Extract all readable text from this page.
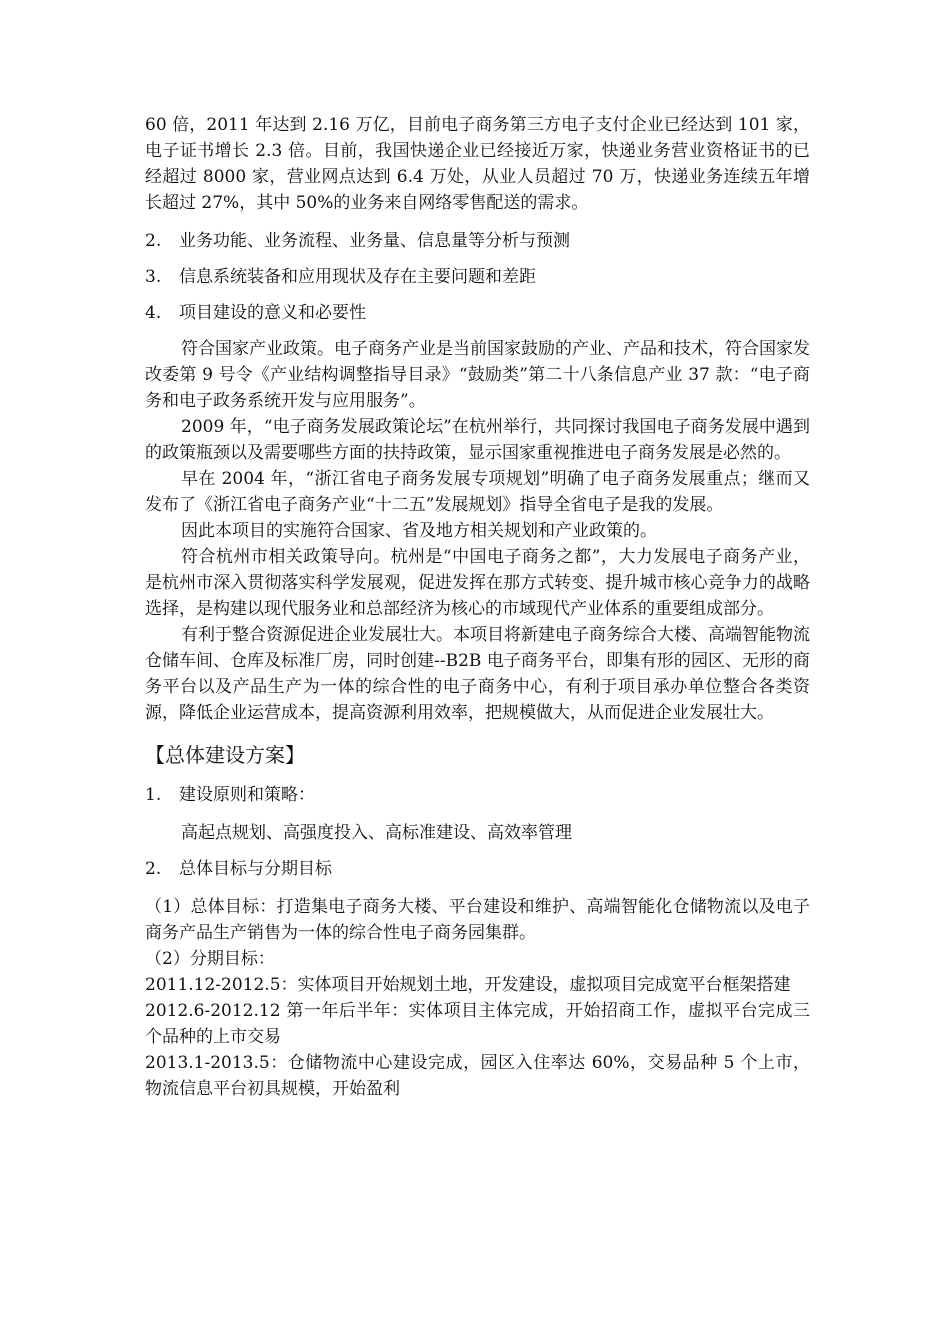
60 倍，2011 年达到 2.16 万亿，目前电子商务第三方电子支付企业已经达到 101 家，电子证书增长 2.3 倍。目前，我国快递企业已经接近万家，快递业务营业资格证书的已经超过 8000 家，营业网点达到 6.4 万处，从业人员超过 70 万，快递业务连续五年增长超过 27%，其中 50%的业务来自网络零售配送的需求。

2.	业务功能、业务流程、业务量、信息量等分析与预测
3.	信息系统装备和应用现状及存在主要问题和差距
4.	项目建设的意义和必要性

符合国家产业政策。电子商务产业是当前国家鼓励的产业、产品和技术，符合国家发改委第 9 号令《产业结构调整指导目录》“鼓励类”第二十八条信息产业 37 款：“电子商务和电子政务系统开发与应用服务”。

2009 年，“电子商务发展政策论坛”在杭州举行，共同探讨我国电子商务发展中遇到的政策瓶颈以及需要哪些方面的扶持政策，显示国家重视推进电子商务发展是必然的。

早在 2004 年，“浙江省电子商务发展专项规划”明确了电子商务发展重点；继而又发布了《浙江省电子商务产业“十二五”发展规划》指导全省电子是我的发展。

因此本项目的实施符合国家、省及地方相关规划和产业政策的。

符合杭州市相关政策导向。杭州是“中国电子商务之都”，大力发展电子商务产业，是杭州市深入贯彻落实科学发展观，促进发挥在那方式转变、提升城市核心竞争力的战略选择，是构建以现代服务业和总部经济为核心的市域现代产业体系的重要组成部分。

有利于整合资源促进企业发展壮大。本项目将新建电子商务综合大楼、高端智能物流仓储车间、仓库及标准厂房，同时创建--B2B 电子商务平台，即集有形的园区、无形的商务平台以及产品生产为一体的综合性的电子商务中心，有利于项目承办单位整合各类资源，降低企业运营成本，提高资源利用效率，把规模做大，从而促进企业发展壮大。

【总体建设方案】

1.	建设原则和策略：

高起点规划、高强度投入、高标准建设、高效率管理

2.	总体目标与分期目标

（1）总体目标：打造集电子商务大楼、平台建设和维护、高端智能化仓储物流以及电子商务产品生产销售为一体的综合性电子商务园集群。

（2）分期目标：

2011.12-2012.5：实体项目开始规划土地，开发建设，虚拟项目完成宽平台框架搭建

2012.6-2012.12 第一年后半年：实体项目主体完成，开始招商工作，虚拟平台完成三个品种的上市交易

2013.1-2013.5：仓储物流中心建设完成，园区入住率达 60%，交易品种 5 个上市，物流信息平台初具规模，开始盈利
